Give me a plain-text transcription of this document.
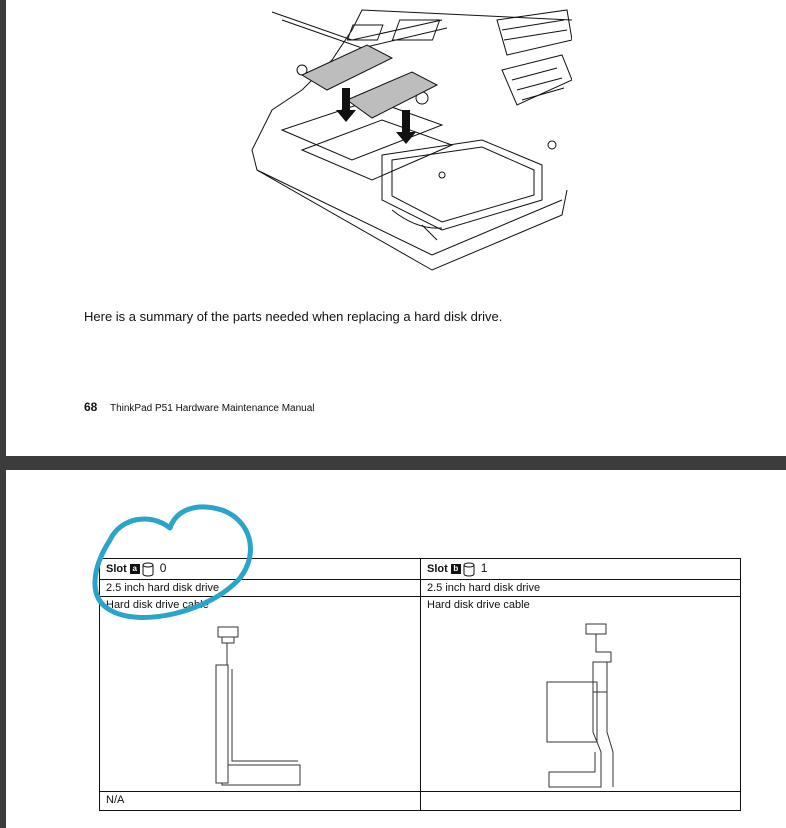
Here is a summary of the parts needed when replacing a hard disk drive.
68 ThinkPad P51 Hardware Maintenance Manual
Slot a 0	Slot b 1
2.5 inch hard disk drive	2.5 inch hard disk drive

Hard disk drive cable	Hard disk drive cable

N/A	
